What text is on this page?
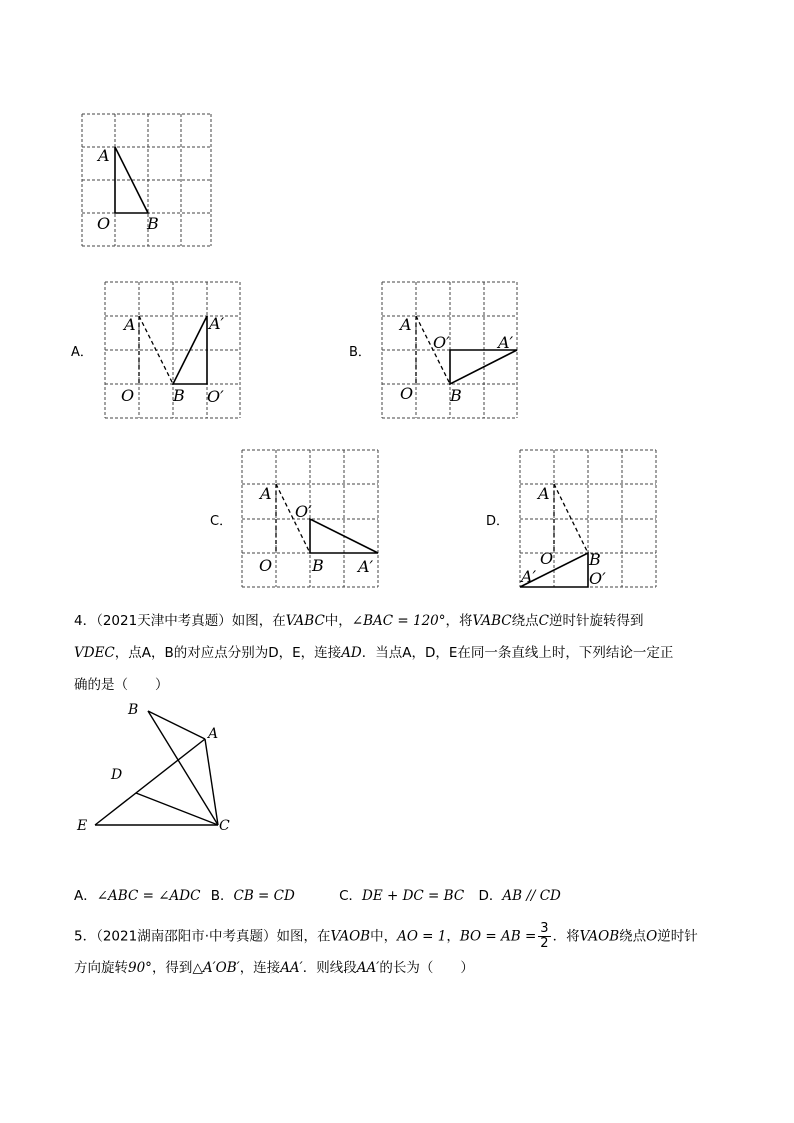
A
O B
A．
A
O B
A′
O′
B．
A
O B
O′	A′
C．
A
O B
O′
A′
D．
A
O B
A′	O′
4．（2021天津中考真题）如图，在VABC中，∠BAC = 120°，将VABC绕点C逆时针旋转得到
VDEC，点A，B的对应点分别为D，E，连接AD．当点A，D，E在同一条直线上时，下列结论一定正
确的是（　　）
B
A
D
E	C
A．∠ABC = ∠ADC B．CB = CD	C．DE + DC = BC D．AB // CD
5．（2021湖南邵阳市·中考真题）如图，在VAOB中，AO = 1，BO = AB = $\frac{3}{2}$ ．将VAOB绕点O逆时针
方向旋转90°，得到△A′OB′，连接AA′．则线段AA′的长为（　　）
